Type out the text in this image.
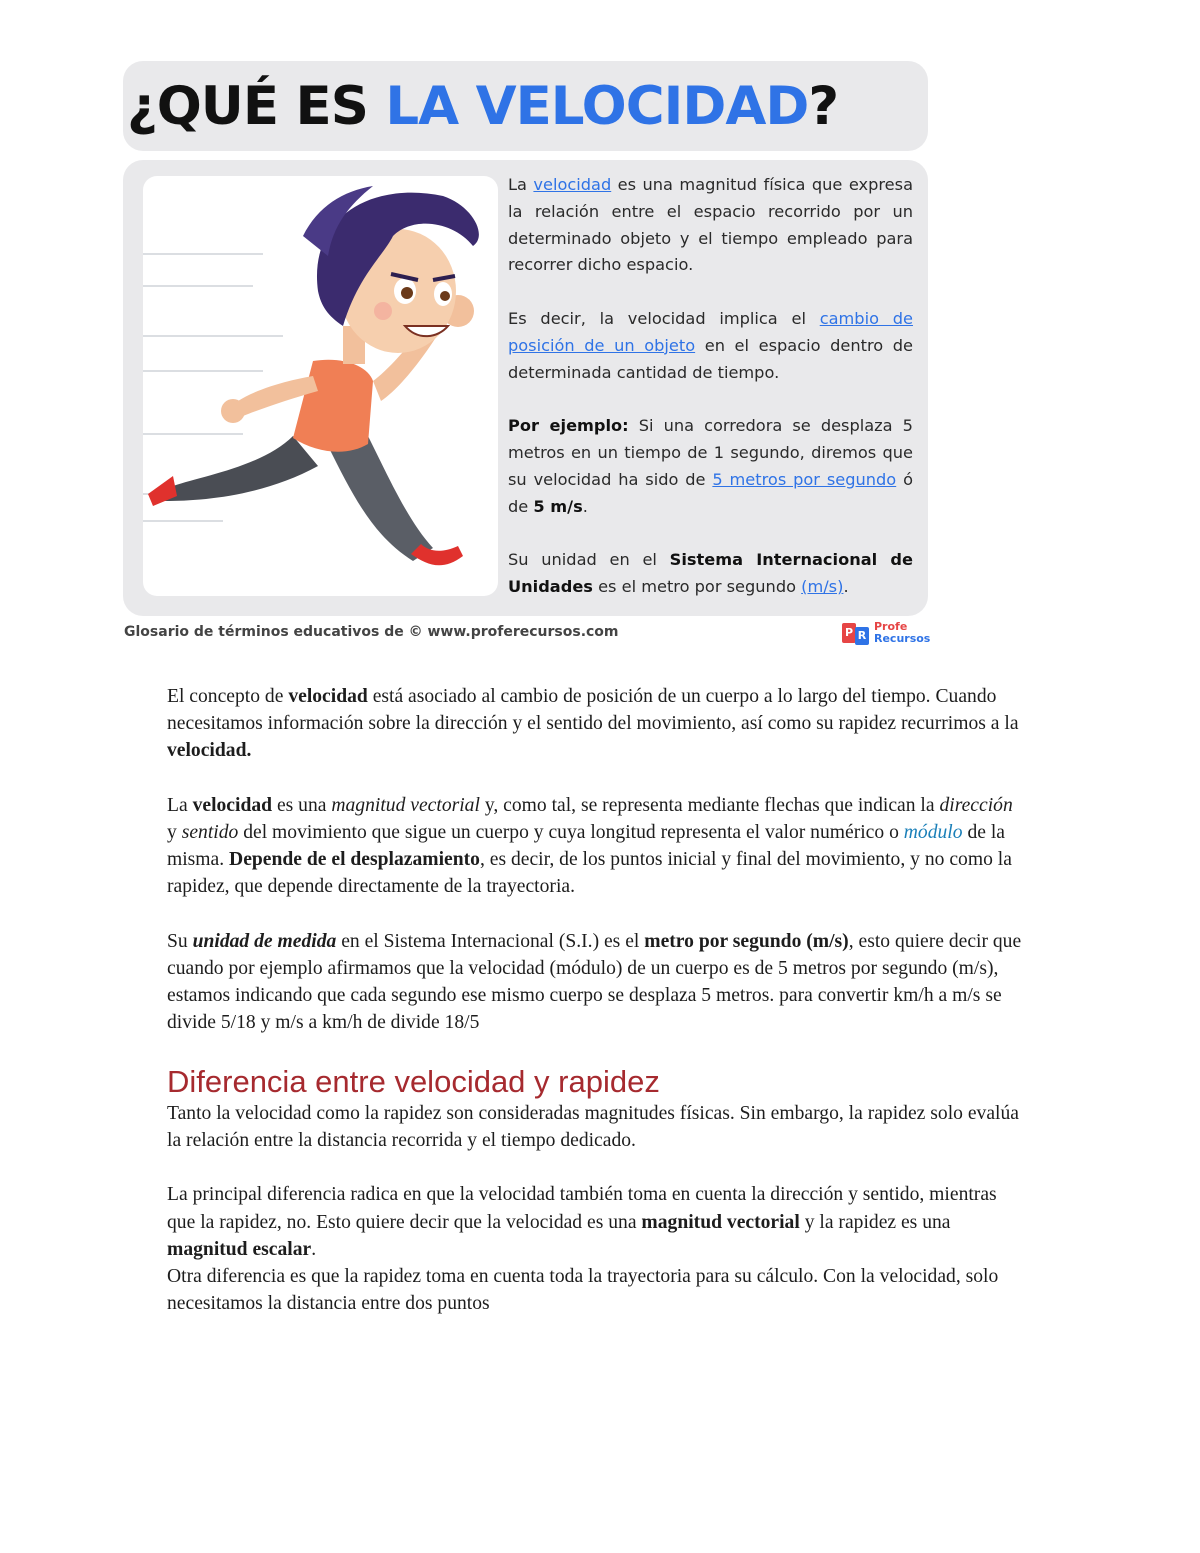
¿QUÉ ES LA VELOCIDAD ?

La velocidad es una magnitud física que expresa la relación entre el espacio recorrido por un determinado objeto y el tiempo empleado para recorrer dicho espacio.

Es decir, la velocidad implica el cambio de posición de un objeto en el espacio dentro de determinada cantidad de tiempo.

Por ejemplo: Si una corredora se desplaza 5 metros en un tiempo de 1 segundo, diremos que su velocidad ha sido de 5 metros por segundo ó de 5 m/s.

Su unidad en el Sistema Internacional de Unidades es el metro por segundo (m/s).

Glosario de términos educativos de © www.proferecursos.com	P R
Profe
Recursos

El concepto de velocidad está asociado al cambio de posición de un cuerpo a lo largo del tiempo. Cuando necesitamos información sobre la dirección y el sentido del movimiento, así como su rapidez recurrimos a la velocidad.

La velocidad es una magnitud vectorial y, como tal, se representa mediante flechas que indican la dirección y sentido del movimiento que sigue un cuerpo y cuya longitud representa el valor numérico o módulo de la misma. Depende de el desplazamiento, es decir, de los puntos inicial y final del movimiento, y no como la rapidez, que depende directamente de la trayectoria.

Su unidad de medida en el Sistema Internacional (S.I.) es el metro por segundo (m/s), esto quiere decir que cuando por ejemplo afirmamos que la velocidad (módulo) de un cuerpo es de 5 metros por segundo (m/s), estamos indicando que cada segundo ese mismo cuerpo se desplaza 5 metros. para convertir km/h a m/s se divide 5/18 y m/s a km/h de divide 18/5

Diferencia entre velocidad y rapidez

Tanto la velocidad como la rapidez son consideradas magnitudes físicas. Sin embargo, la rapidez solo evalúa la relación entre la distancia recorrida y el tiempo dedicado.

La principal diferencia radica en que la velocidad también toma en cuenta la dirección y sentido, mientras que la rapidez, no. Esto quiere decir que la velocidad es una magnitud vectorial y la rapidez es una magnitud escalar.

Otra diferencia es que la rapidez toma en cuenta toda la trayectoria para su cálculo. Con la velocidad, solo necesitamos la distancia entre dos puntos
